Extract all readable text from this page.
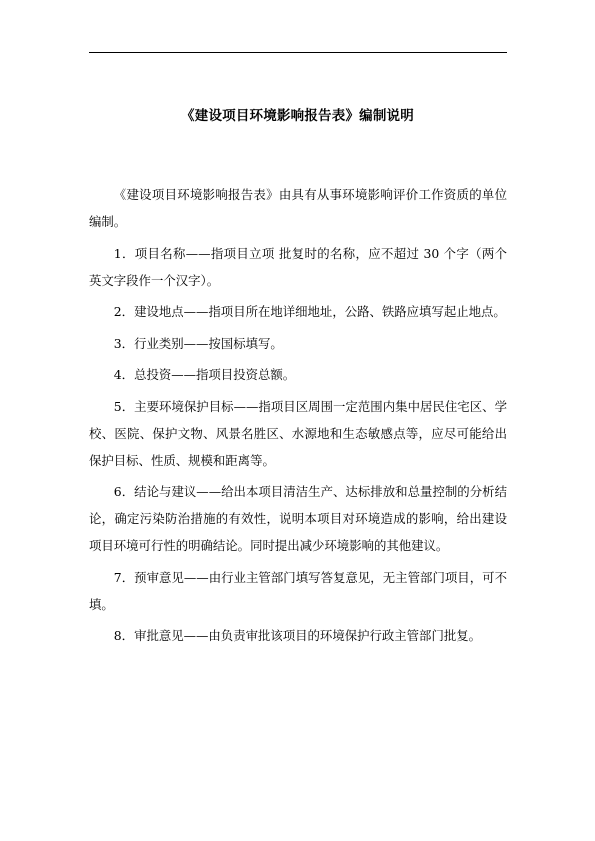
《建设项目环境影响报告表》编制说明

《建设项目环境影响报告表》由具有从事环境影响评价工作资质的单位编制。

1．项目名称——指项目立项 批复时的名称，应不超过 30 个字（两个英文字段作一个汉字）。

2．建设地点——指项目所在地详细地址，公路、铁路应填写起止地点。

3．行业类别——按国标填写。

4．总投资——指项目投资总额。

5．主要环境保护目标——指项目区周围一定范围内集中居民住宅区、学校、医院、保护文物、风景名胜区、水源地和生态敏感点等，应尽可能给出保护目标、性质、规模和距离等。

6．结论与建议——给出本项目清洁生产、达标排放和总量控制的分析结论，确定污染防治措施的有效性，说明本项目对环境造成的影响，给出建设项目环境可行性的明确结论。同时提出减少环境影响的其他建议。

7．预审意见——由行业主管部门填写答复意见，无主管部门项目，可不填。

8．审批意见——由负责审批该项目的环境保护行政主管部门批复。
